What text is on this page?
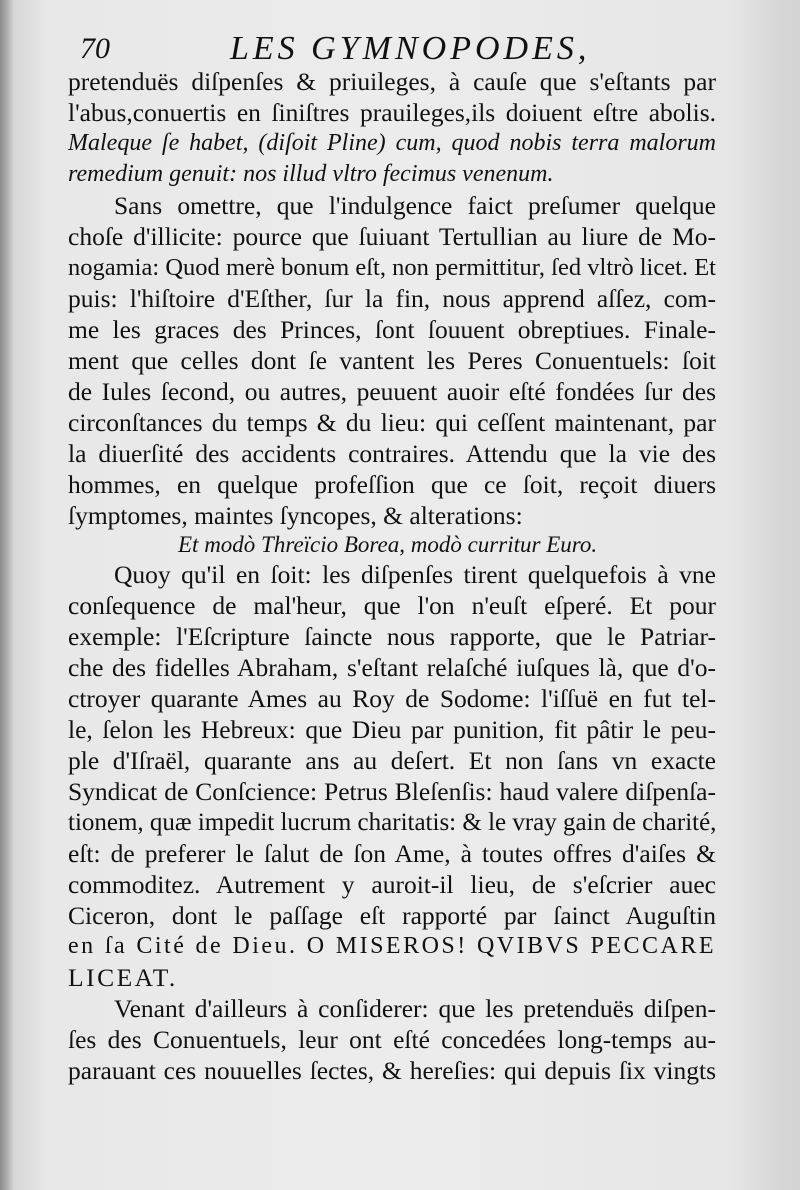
70	LES GYMNOPODES,
pretenduës diſpenſes & priuileges, à cauſe que s'eſtants par
l'abus,conuertis en ſiniſtres prauileges,ils doiuent eſtre abolis.
Maleque ſe habet, (diſoit Pline) cum, quod nobis terra malorum
remedium genuit: nos illud vltro fecimus venenum.
Sans omettre, que l'indulgence faict preſumer quelque
choſe d'illicite: pource que ſuiuant Tertullian au liure de Mo-
nogamia: Quod merè bonum eſt, non permittitur, ſed vltrò licet. Et
puis: l'hiſtoire d'Eſther, ſur la fin, nous apprend aſſez, com-
me les graces des Princes, ſont ſouuent obreptiues. Finale-
ment que celles dont ſe vantent les Peres Conuentuels: ſoit
de Iules ſecond, ou autres, peuuent auoir eſté fondées ſur des
circonſtances du temps & du lieu: qui ceſſent maintenant, par
la diuerſité des accidents contraires. Attendu que la vie des
hommes, en quelque profeſſion que ce ſoit, reçoit diuers
ſymptomes, maintes ſyncopes, & alterations:
Et modò Threïcio Borea, modò curritur Euro.
Quoy qu'il en ſoit: les diſpenſes tirent quelquefois à vne
conſequence de mal'heur, que l'on n'euſt eſperé. Et pour
exemple: l'Eſcripture ſaincte nous rapporte, que le Patriar-
che des fidelles Abraham, s'eſtant relaſché iuſques là, que d'o-
ctroyer quarante Ames au Roy de Sodome: l'iſſuë en fut tel-
le, ſelon les Hebreux: que Dieu par punition, fit pâtir le peu-
ple d'Iſraël, quarante ans au deſert. Et non ſans vn exacte
Syndicat de Conſcience: Petrus Bleſenſis: haud valere diſpenſa-
tionem, quæ impedit lucrum charitatis: & le vray gain de charité,
eſt: de preferer le ſalut de ſon Ame, à toutes offres d'aiſes &
commoditez. Autrement y auroit-il lieu, de s'eſcrier auec
Ciceron, dont le paſſage eſt rapporté par ſainct Auguſtin
en ſa Cité de Dieu. O MISEROS! QVIBVS PECCARE
LICEAT.
Venant d'ailleurs à conſiderer: que les pretenduës diſpen-
ſes des Conuentuels, leur ont eſté concedées long-temps au-
parauant ces nouuelles ſectes, & hereſies: qui depuis ſix vingts
